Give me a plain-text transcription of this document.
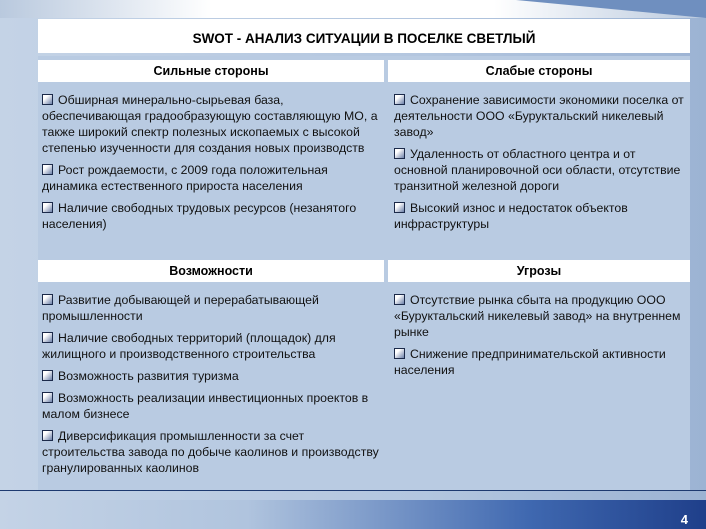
SWOT - АНАЛИЗ СИТУАЦИИ В ПОСЕЛКЕ СВЕТЛЫЙ
Сильные стороны
Обширная минерально-сырьевая база, обеспечивающая градообразующую составляющую МО, а также широкий спектр полезных ископаемых с высокой степенью изученности для создания новых производств
Рост рождаемости, с 2009 года положительная динамика естественного прироста населения
Наличие свободных трудовых ресурсов (незанятого населения)
Слабые стороны
Сохранение зависимости экономики поселка от деятельности ООО «Буруктальский никелевый завод»
Удаленность от областного центра и от основной планировочной оси области, отсутствие транзитной железной дороги
Высокий износ и недостаток объектов инфраструктуры
Возможности
Развитие добывающей и перерабатывающей промышленности
Наличие свободных территорий (площадок) для жилищного и производственного строительства
Возможность развития туризма
Возможность реализации инвестиционных проектов в малом бизнесе
Диверсификация промышленности за счет строительства завода по добыче каолинов и производству гранулированных каолинов
Угрозы
Отсутствие рынка сбыта на продукцию ООО «Буруктальский никелевый завод» на внутреннем рынке
Снижение предпринимательской активности населения
4
